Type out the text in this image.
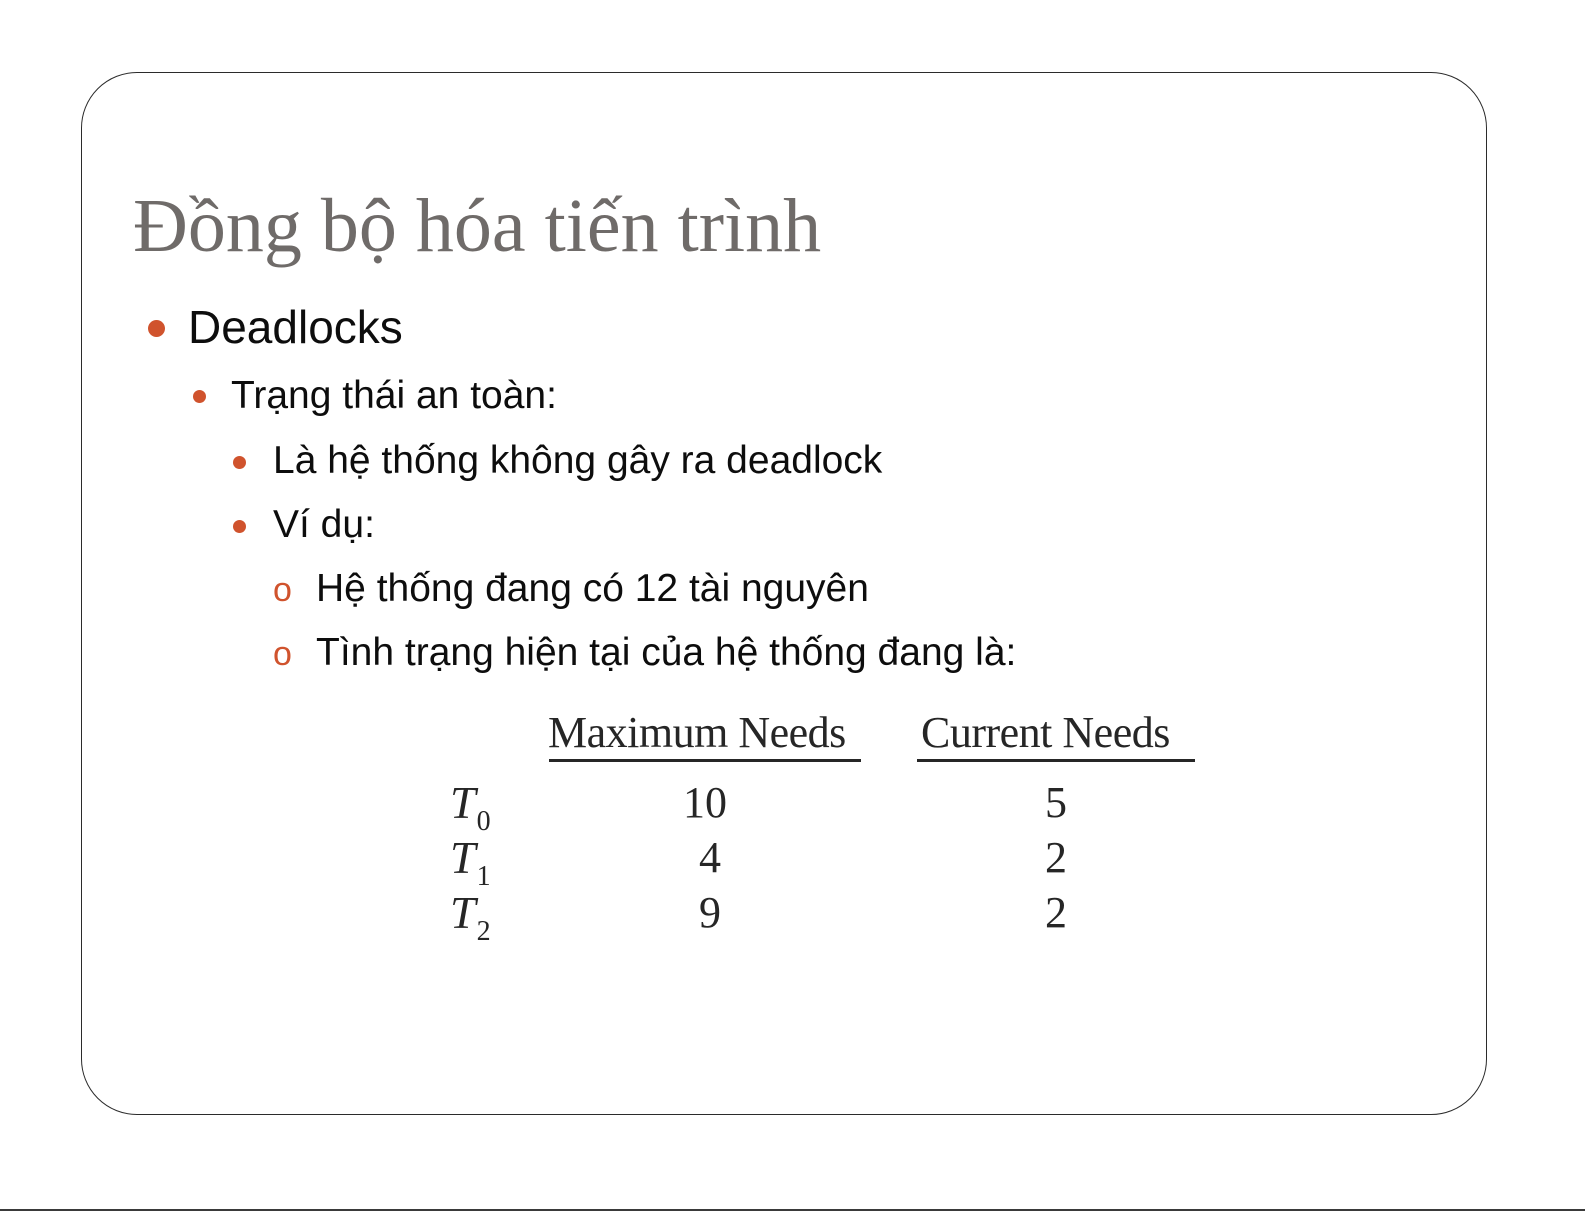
Đồng bộ hóa tiến trình
Deadlocks
Trạng thái an toàn:
Là hệ thống không gây ra deadlock
Ví dụ:
o Hệ thống đang có 12 tài nguyên
o Tình trạng hiện tại của hệ thống đang là:
Maximum Needs Current Needs
$T_0$	10	5
$T_1$	4	2
$T_2$	9	2
